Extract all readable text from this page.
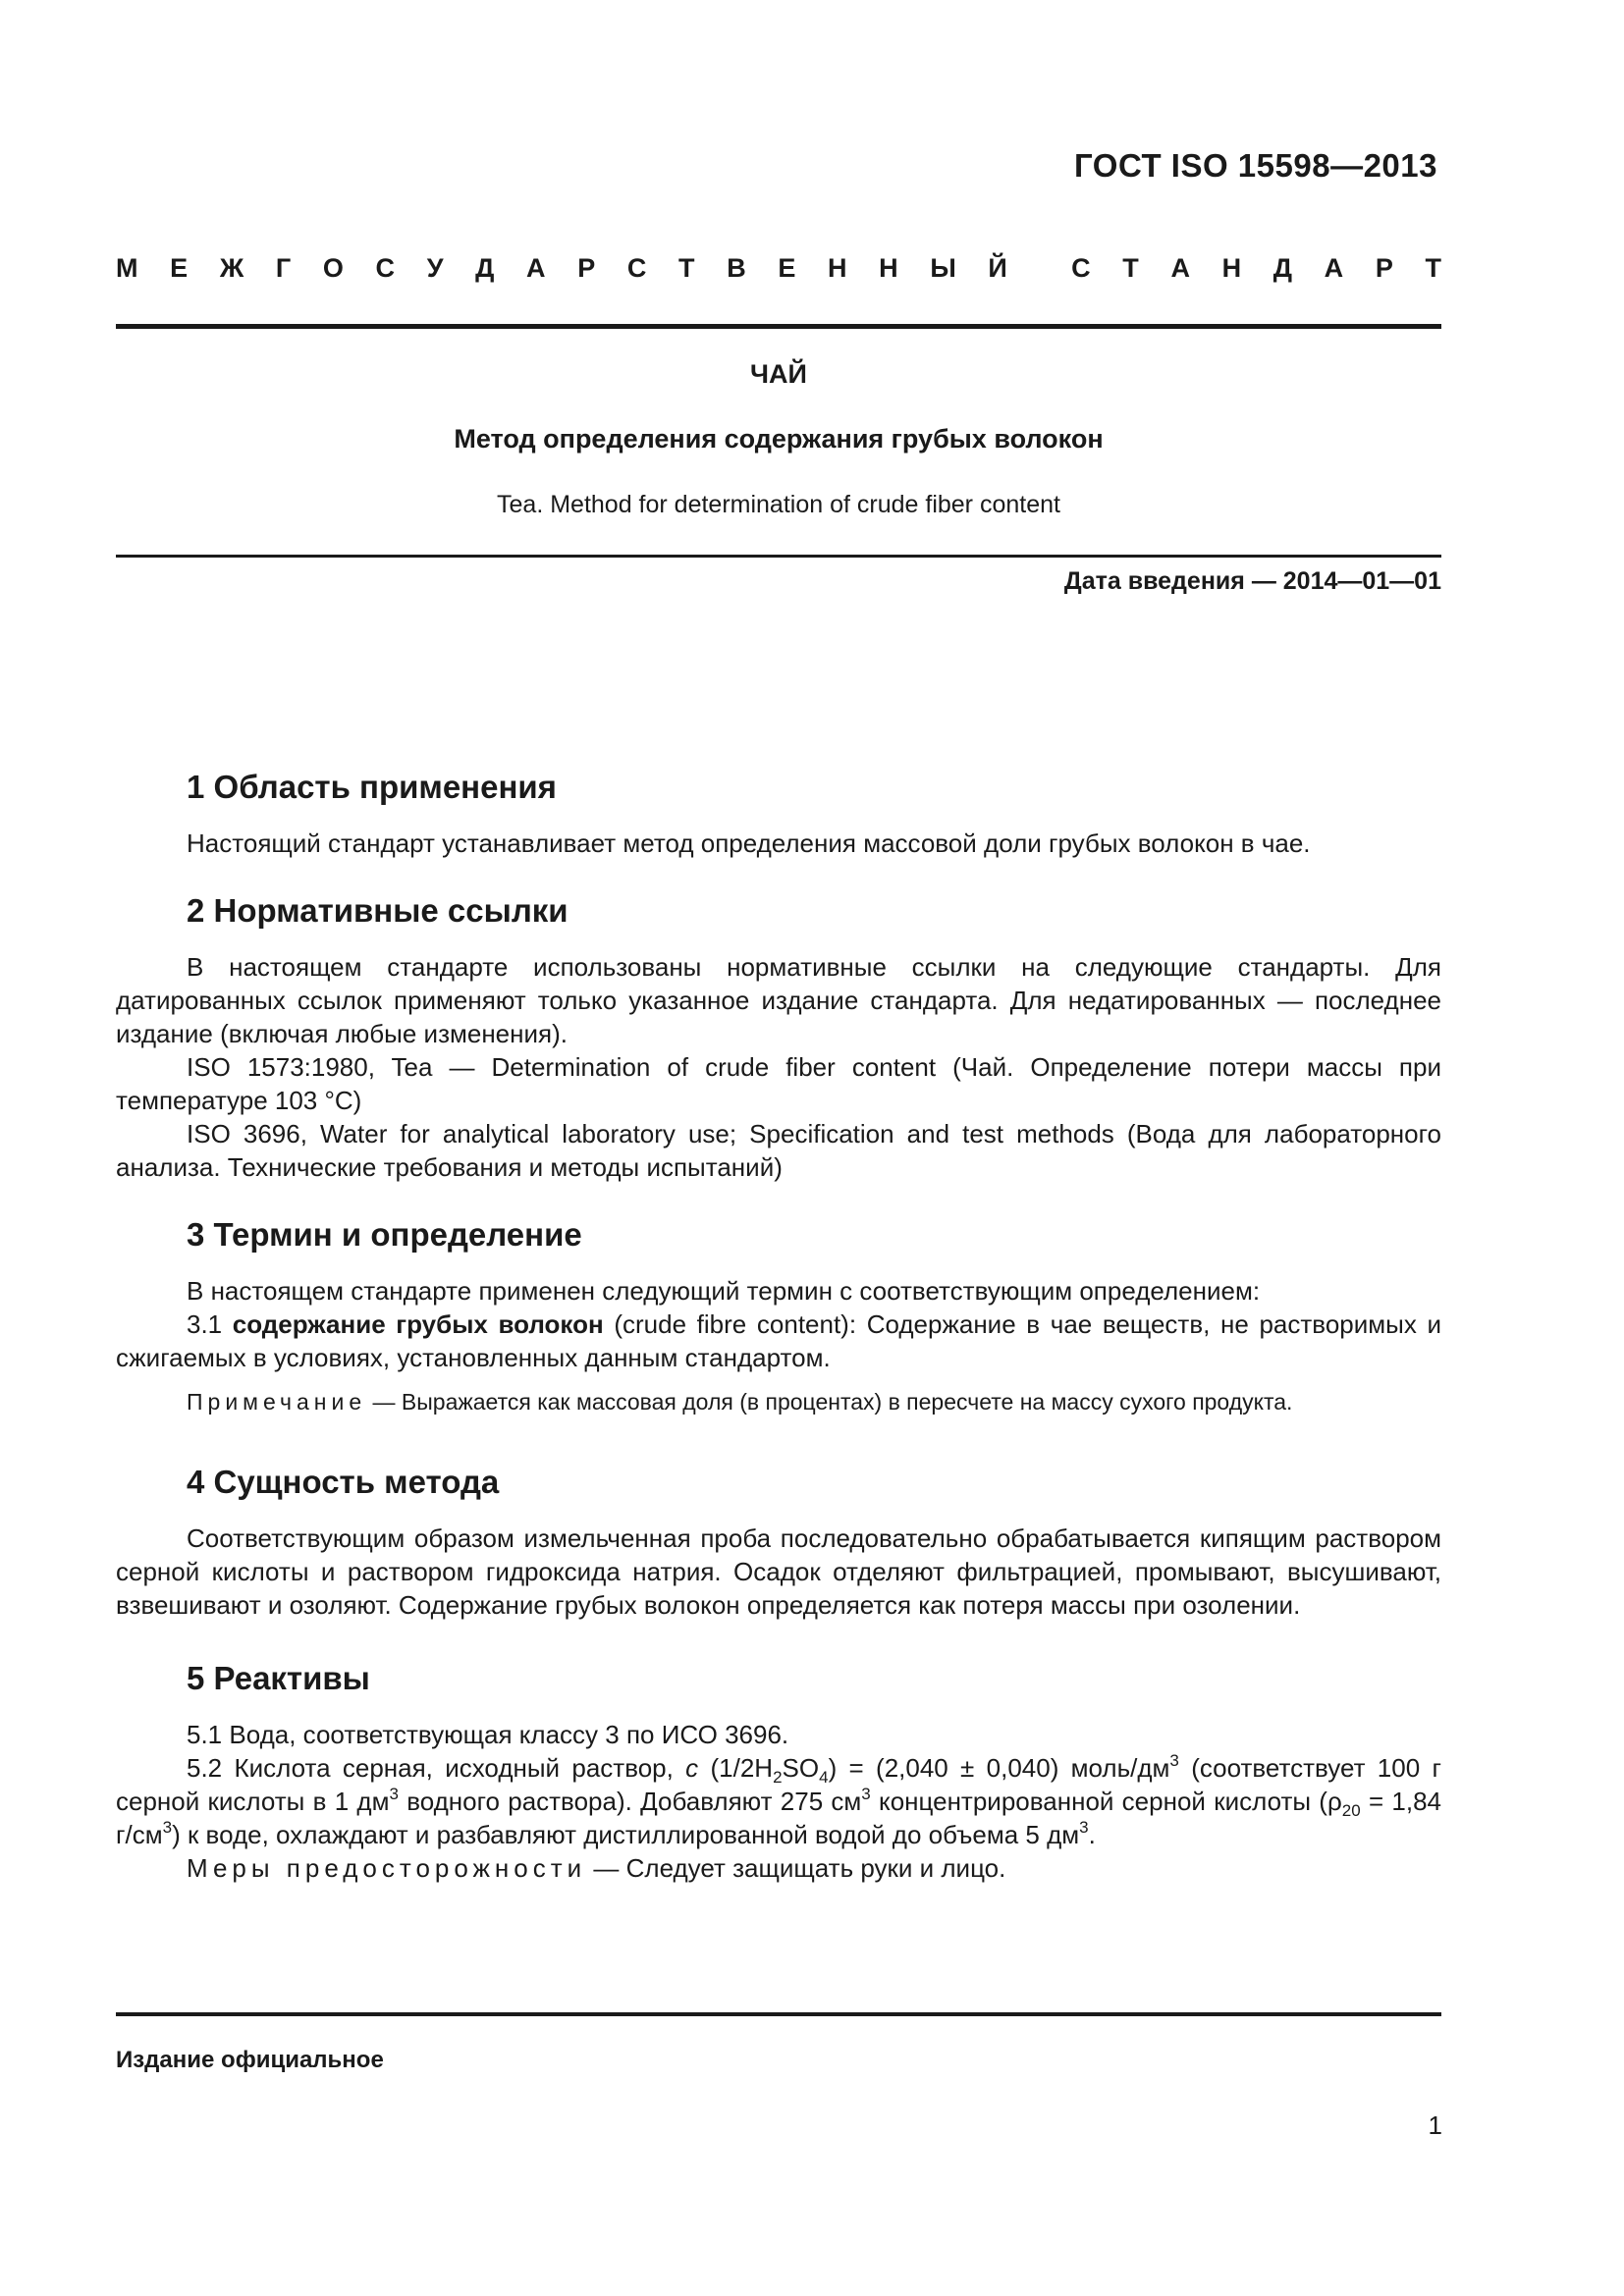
ГОСТ ISO 15598—2013
М Е Ж Г О С У Д А Р С Т В Е Н Н Ы Й С Т А Н Д А Р Т
ЧАЙ
Метод определения содержания грубых волокон
Tea. Method for determination of crude fiber content
Дата введения — 2014—01—01
1 Область применения

Настоящий стандарт устанавливает метод определения массовой доли грубых волокон в чае.

2 Нормативные ссылки

В настоящем стандарте использованы нормативные ссылки на следующие стандарты. Для датированных ссылок применяют только указанное издание стандарта. Для недатированных — последнее издание (включая любые изменения).

ISO 1573:1980, Tea — Determination of crude fiber content (Чай. Определение потери массы при температуре 103 °С)

ISO 3696, Water for analytical laboratory use; Specification and test methods (Вода для лабораторного анализа. Технические требования и методы испытаний)

3 Термин и определение

В настоящем стандарте применен следующий термин с соответствующим определением:

3.1 содержание грубых волокон (crude fibre content): Содержание в чае веществ, не растворимых и сжигаемых в условиях, установленных данным стандартом.

Примечание — Выражается как массовая доля (в процентах) в пересчете на массу сухого продукта.

4 Сущность метода

Соответствующим образом измельченная проба последовательно обрабатывается кипящим раствором серной кислоты и раствором гидроксида натрия. Осадок отделяют фильтрацией, промывают, высушивают, взвешивают и озоляют. Содержание грубых волокон определяется как потеря массы при озолении.

5 Реактивы

5.1 Вода, соответствующая классу 3 по ИСО 3696.

5.2 Кислота серная, исходный раствор, c $(1/2H_2SO_4) = (2,040 \pm 0,040)$ моль/$дм^3$ (соответствует 100 г серной кислоты в 1 $дм^3$ водного раствора). Добавляют 275 $см^3$ концентрированной серной кислоты ($\rho_{20} = 1,84$ $г/см^3$) к воде, охлаждают и разбавляют дистиллированной водой до объема 5 $дм^3$.

Меры предосторожности — Следует защищать руки и лицо.

Издание официальное
1
